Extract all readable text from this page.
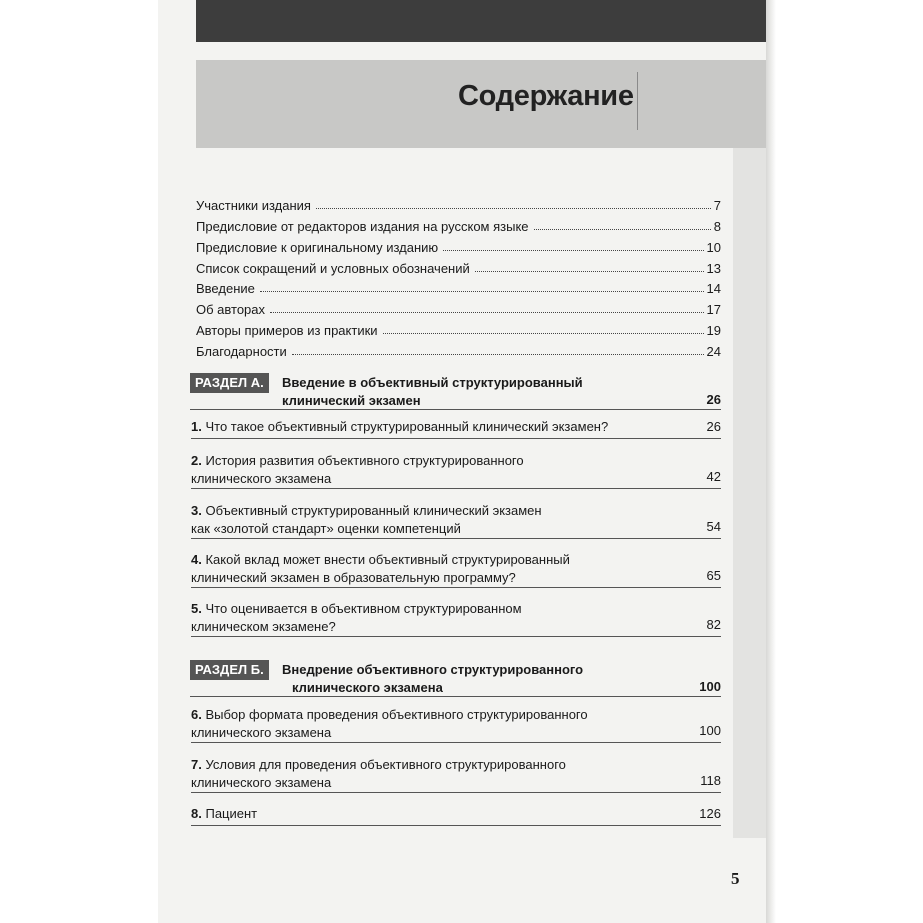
Содержание
Участники издания	7
Предисловие от редакторов издания на русском языке	8
Предисловие к оригинальному изданию	10
Список сокращений и условных обозначений	13
Введение	14
Об авторах	17
Авторы примеров из практики	19
Благодарности	24
РАЗДЕЛ А.	Введение в объективный структурированный
клинический экзамен	26
1. Что такое объективный структурированный клинический экзамен?	26
2. История развития объективного структурированного
клинического экзамена	42
3. Объективный структурированный клинический экзамен
как «золотой стандарт» оценки компетенций	54
4. Какой вклад может внести объективный структурированный
клинический экзамен в образовательную программу?	65
5. Что оценивается в объективном структурированном
клиническом экзамене?	82
РАЗДЕЛ Б.	Внедрение объективного структурированного
клинического экзамена	100
6. Выбор формата проведения объективного структурированного
клинического экзамена	100
7. Условия для проведения объективного структурированного
клинического экзамена	118
8. Пациент	126
5
